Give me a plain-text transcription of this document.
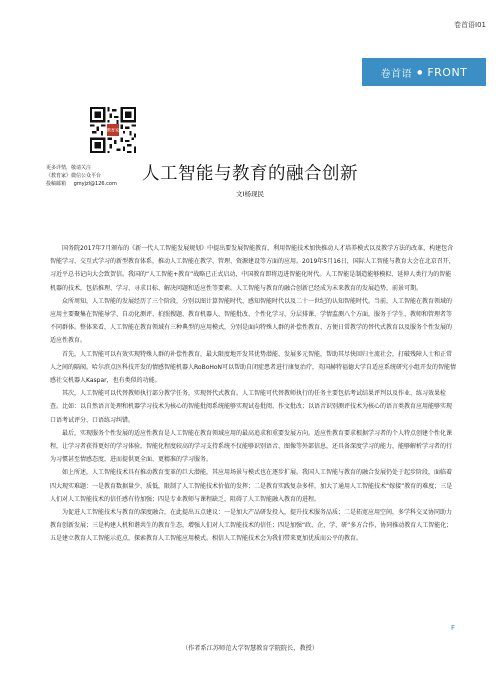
卷首语I01
卷首语 ● FRONT
教育家
更多详情，敬请关注
《教育家》微信公众平台
投稿邮箱 gmyjzl@126.com	人工智能与教育的融合创新
文Ⅰ杨现民

国务院2017年7月颁布的《新一代人工智能发展规划》中提出要发展智能教育，利用智能技术加快推动人才培养模式以及教学方法的改革，构建包含智能学习、交互式学习的新型教育体系，推动人工智能在教学、管理、资源建设等方面的应用。2019年5月16日，国际人工智能与教育大会在北京召开，习近平总书记向大会致贺信。我国的“人工智能+教育”战略已正式启动，中国教育即将迈进智能化时代。人工智能是制造能够模拟、延伸人类行为的智能机器的技术，包括推理、学习、寻求目标、解决问题和适应性等要素。人工智能与教育的融合创新已经成为未来教育的发展趋势，前景可期。

众所周知，人工智能的发展经历了三个阶段，分别以图计算智能时代、感知智能时代以及二十一世纪的认知智能时代。当前，人工智能在教育领域的应用主要聚集在智能导学、自动化测评、拍照搜题、教育机器人、智能批改、个性化学习、分层排课、学情监测八个方面，服务于学生、教师和管理者等不同群体。整体来看，人工智能在教育领域有三种典型的应用模式，分别是面向特殊人群的补偿性教育、方便日常教学的替代式教育以及服务个性发展的适应性教育。

首先，人工智能可以有效实现特殊人群的补偿性教育，最大限度地开发其优势潜能、发展多元智能，帮助其尽快回归主流社会，打破残障人士和正常人之间的隔阂。哈尔滨点医科技开发的情感智能机器人RoBoHoN可以帮助自闭症患者进行康复治疗，英国赫特福德大学自适应系统研究小组开发的智能情感社交机器人Kaspar，也有类似的功能。

其次，人工智能可以代替教师执行部分教学任务，实现替代式教育。人工智能可代替教师执行的任务主要包括考试结果评判以及作业、练习效果检查。比如：以自然语言处理和机器学习技术为核心的智能批阅系统能够实现试卷批阅、作文批改；以语音识别测评技术为核心的语言类教育应用能够实现口语考试评分、口语练习纠错。

最后，实现服务个性发展的适应性教育是人工智能在教育领域应用的最高追求和重要发展方向。适应性教育要求根据学习者的个人特点创建个性化课程，让学习者获得更好的学习体验。智能化程度较高的学习支持系统不仅能够识别语音、图像等外部信息，还具备深度学习的能力，能够解析学习者的行为习惯甚至情感态度，进而提供更全面、更精准的学习服务。

如上所述，人工智能技术具有推动教育变革的巨大潜能，其应用场景与模式也在逐步扩展。我国人工智能与教育的融合发展仍处于起步阶段，面临着四大现实难题：一是教育数据量少、质低，限制了人工智能技术价值的发挥；二是教育实践复杂多样，加大了通用人工智能技术“嫁接”教育的难度；三是人们对人工智能技术的信任感有待加强；四是专业教师与课程缺乏，阻碍了人工智能融入教育的进程。

为促进人工智能技术与教育的深度融合，在此提出五点建议：一是加大产品研发投入，提升技术服务品质；二是拓宽应用空间，多学科交叉协同助力教育创新发展；三是构建人机和谐共生的教育生态，增强人们对人工智能技术的信任；四是加强“政、企、学、研”多方合作，协同推动教育人工智能化；五是建立教育人工智能示范点，探索教育人工智能应用模式。相信人工智能技术会为我们带来更加优质而公平的教育。

F
（作者系江苏师范大学智慧教育学院院长、教授）
